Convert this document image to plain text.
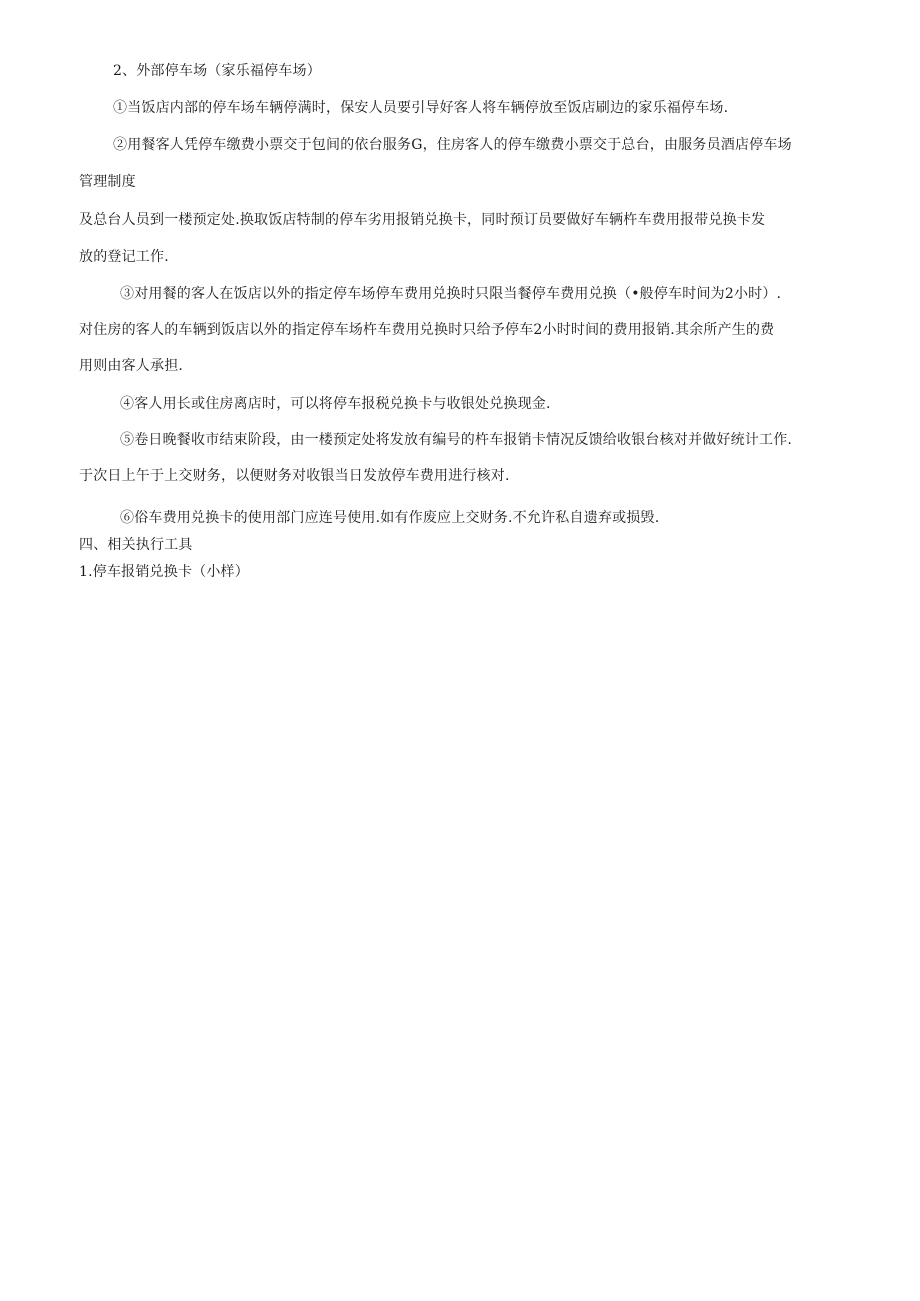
2、外部停车场（家乐福停车场）
①当饭店内部的停车场车辆停满时，保安人员要引导好客人将车辆停放至饭店刷边的家乐福停车场.
②用餐客人凭停车缴费小票交于包间的依台服务G，住房客人的停车缴费小票交于总台，由服务员酒店停车场
管理制度
及总台人员到一楼预定处.换取饭店特制的停车劣用报销兑换卡，同时预订员要做好车辆杵车费用报带兑换卡发
放的登记工作.
③对用餐的客人在饭店以外的指定停车场停车费用兑换时只限当餐停车费用兑换（•般停车时间为2小时）.
对住房的客人的车辆到饭店以外的指定停车场杵车费用兑换时只给予停车2小时时间的费用报销.其余所产生的费
用则由客人承担.
④客人用长或住房离店时，可以将停车报税兑换卡与收银处兑换现金.
⑤卷日晚餐收市结束阶段，由一楼预定处将发放有编号的杵车报销卡情况反馈给收银台核对并做好统计工作.
于次日上午于上交财务，以便财务对收银当日发放停车费用进行核对.
⑥俗车费用兑换卡的使用部门应连号使用.如有作废应上交财务.不允许私自遗弃或损毁.
四、相关执行工具
1.停车报销兑换卡（小样）
